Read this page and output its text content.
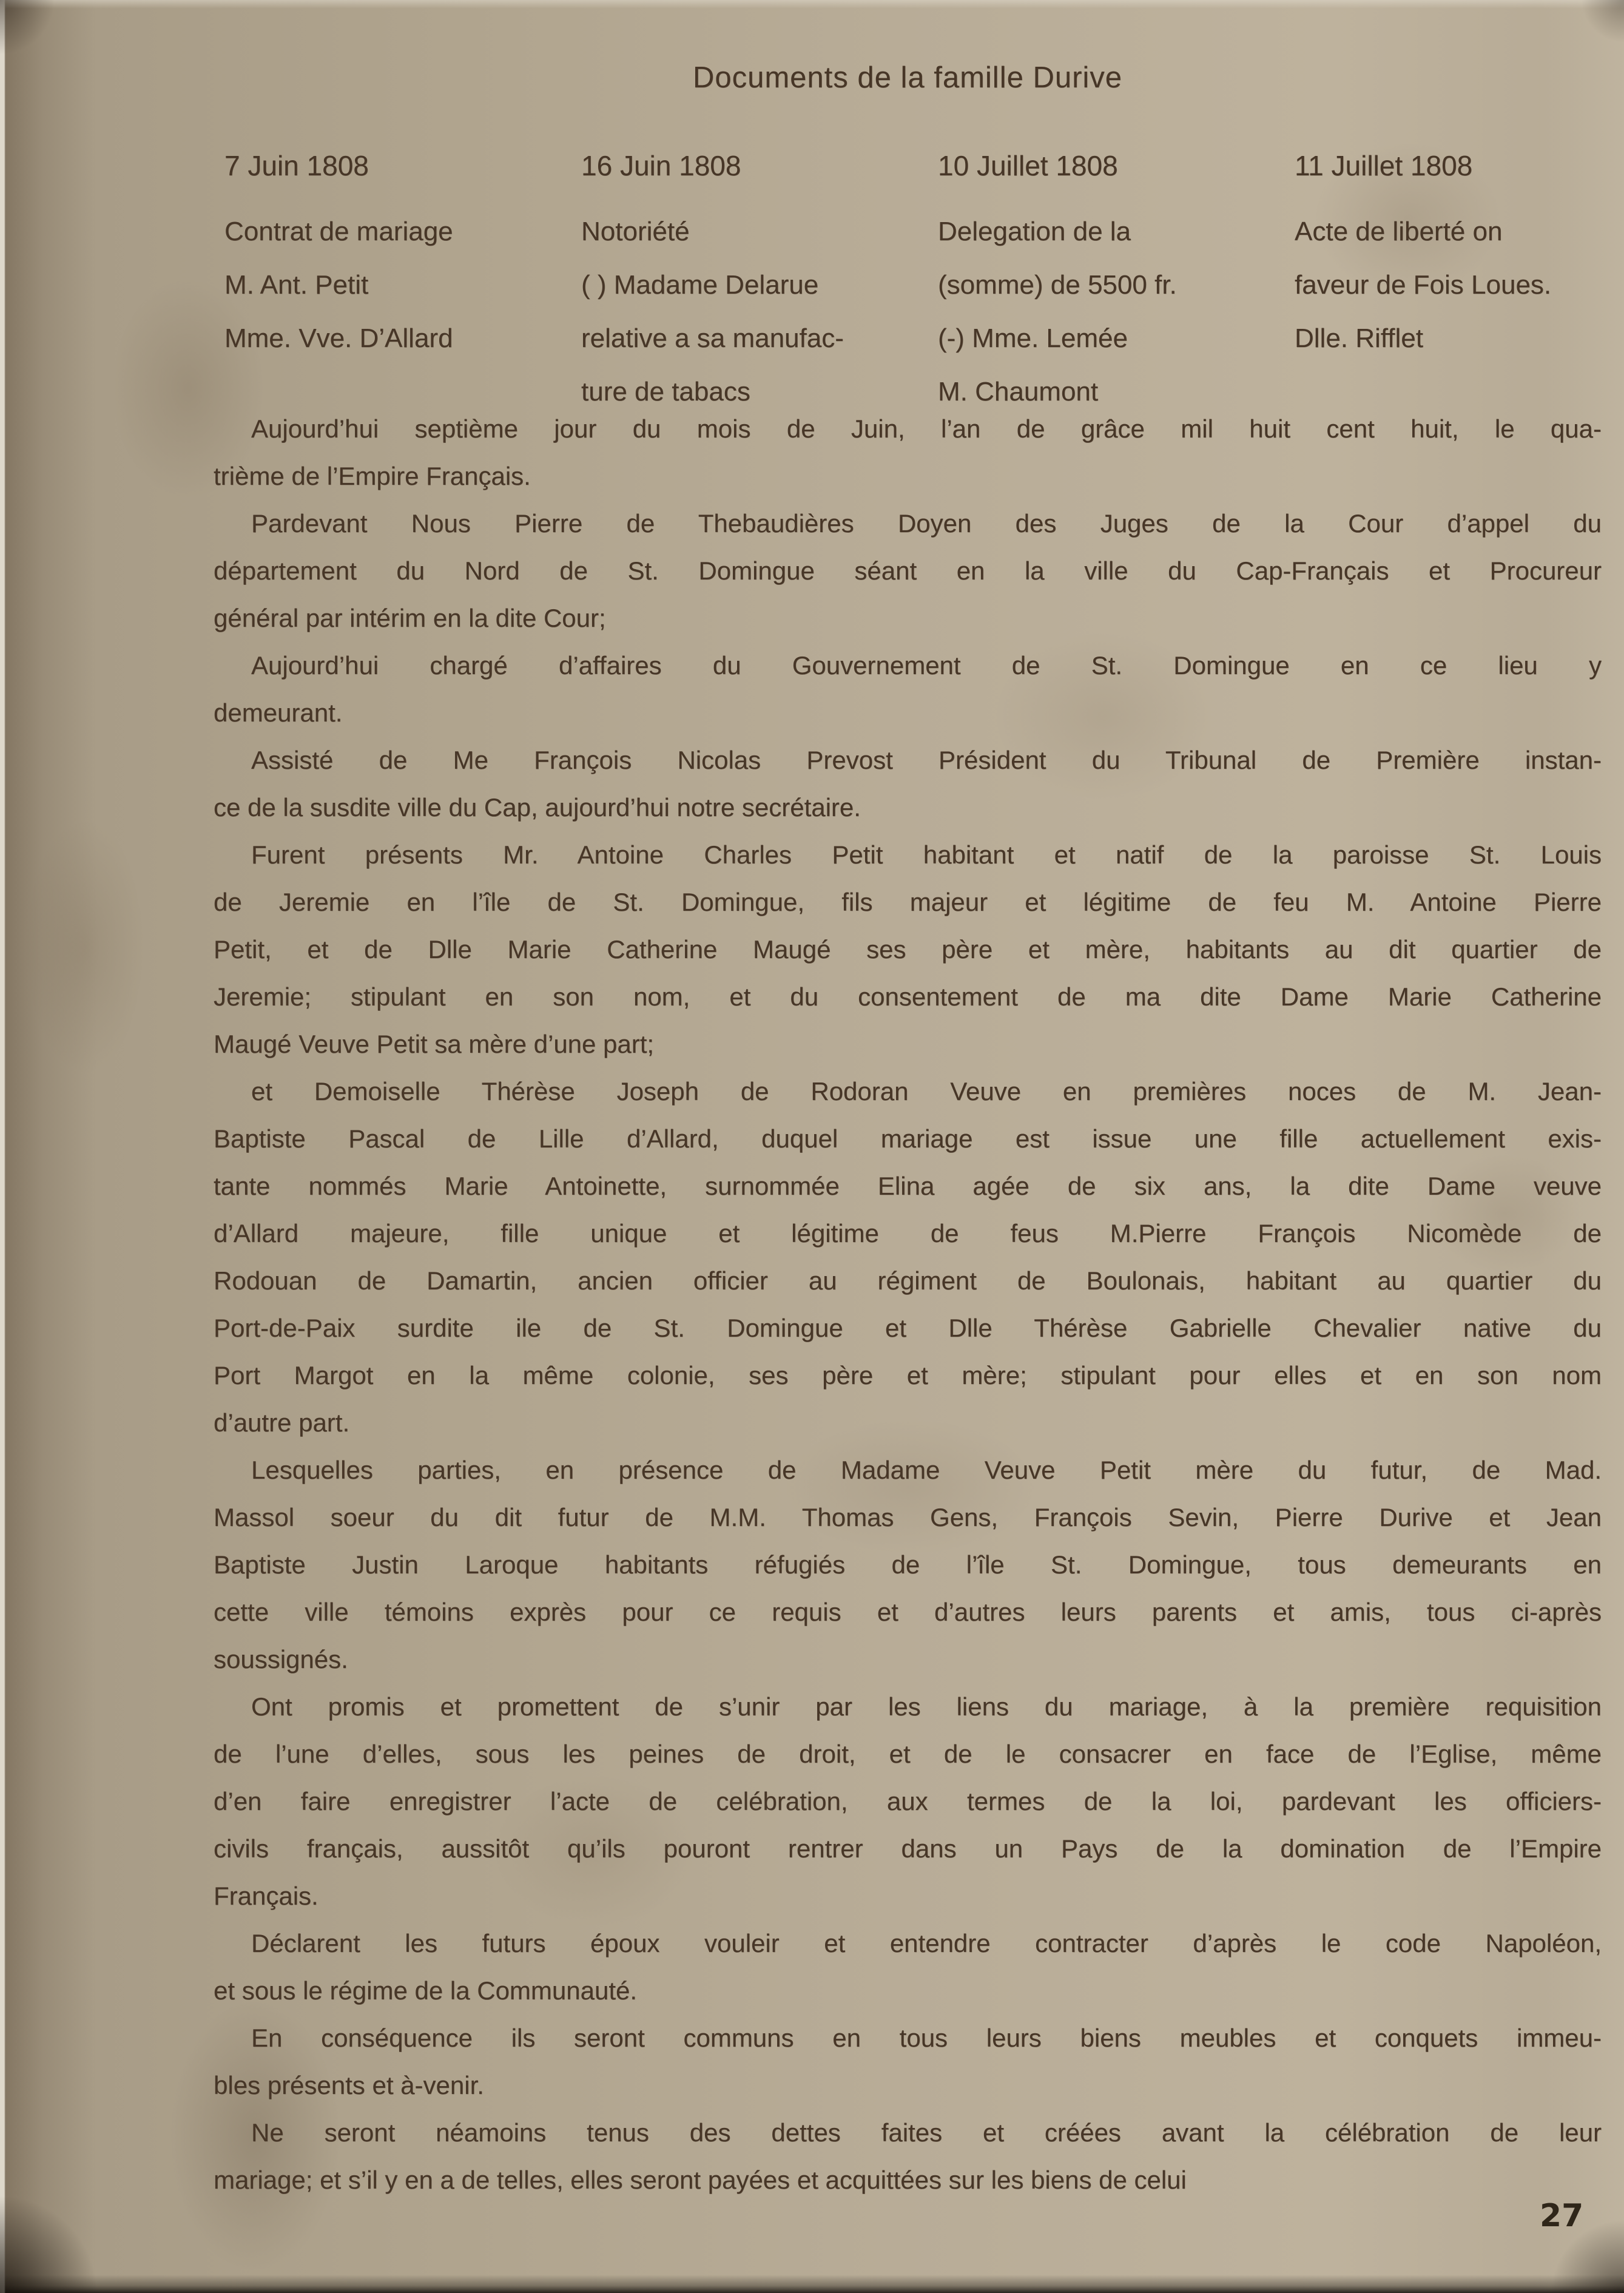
Documents de la famille Durive
7 Juin 1808
Contrat de mariage
M. Ant. Petit
Mme. Vve. D’Allard
16 Juin 1808
Notoriété
( ) Madame Delarue
relative a sa manufac-
ture de tabacs
10 Juillet 1808
Delegation de la
(somme) de 5500 fr.
(-) Mme. Lemée
M. Chaumont
11 Juillet 1808
Acte de liberté on
faveur de Fois Loues.
Dlle. Rifflet
Aujourd’hui septième jour du mois de Juin, l’an de grâce mil huit cent huit, le qua-
trième de l’Empire Français.
Pardevant Nous Pierre de Thebaudières Doyen des Juges de la Cour d’appel du
département du Nord de St. Domingue séant en la ville du Cap-Français et Procureur
général par intérim en la dite Cour;
Aujourd’hui chargé d’affaires du Gouvernement de St. Domingue en ce lieu y
demeurant.
Assisté de Me François Nicolas Prevost Président du Tribunal de Première instan-
ce de la susdite ville du Cap, aujourd’hui notre secrétaire.
Furent présents Mr. Antoine Charles Petit habitant et natif de la paroisse St. Louis
de Jeremie en l’île de St. Domingue, fils majeur et légitime de feu M. Antoine Pierre
Petit, et de Dlle Marie Catherine Maugé ses père et mère, habitants au dit quartier de
Jeremie; stipulant en son nom, et du consentement de ma dite Dame Marie Catherine
Maugé Veuve Petit sa mère d’une part;
et Demoiselle Thérèse Joseph de Rodoran Veuve en premières noces de M. Jean-
Baptiste Pascal de Lille d’Allard, duquel mariage est issue une fille actuellement exis-
tante nommés Marie Antoinette, surnommée Elina agée de six ans, la dite Dame veuve
d’Allard majeure, fille unique et légitime de feus M.Pierre François Nicomède de
Rodouan de Damartin, ancien officier au régiment de Boulonais, habitant au quartier du
Port-de-Paix surdite ile de St. Domingue et Dlle Thérèse Gabrielle Chevalier native du
Port Margot en la même colonie, ses père et mère; stipulant pour elles et en son nom
d’autre part.
Lesquelles parties, en présence de Madame Veuve Petit mère du futur, de Mad.
Massol soeur du dit futur de M.M. Thomas Gens, François Sevin, Pierre Durive et Jean
Baptiste Justin Laroque habitants réfugiés de l’île St. Domingue, tous demeurants en
cette ville témoins exprès pour ce requis et d’autres leurs parents et amis, tous ci-après
soussignés.
Ont promis et promettent de s’unir par les liens du mariage, à la première requisition
de l’une d’elles, sous les peines de droit, et de le consacrer en face de l’Eglise, même
d’en faire enregistrer l’acte de celébration, aux termes de la loi, pardevant les officiers-
civils français, aussitôt qu’ils pouront rentrer dans un Pays de la domination de l’Empire
Français.
Déclarent les futurs époux vouleir et entendre contracter d’après le code Napoléon,
et sous le régime de la Communauté.
En conséquence ils seront communs en tous leurs biens meubles et conquets immeu-
bles présents et à-venir.
Ne seront néamoins tenus des dettes faites et créées avant la célébration de leur
mariage; et s’il y en a de telles, elles seront payées et acquittées sur les biens de celui
27
